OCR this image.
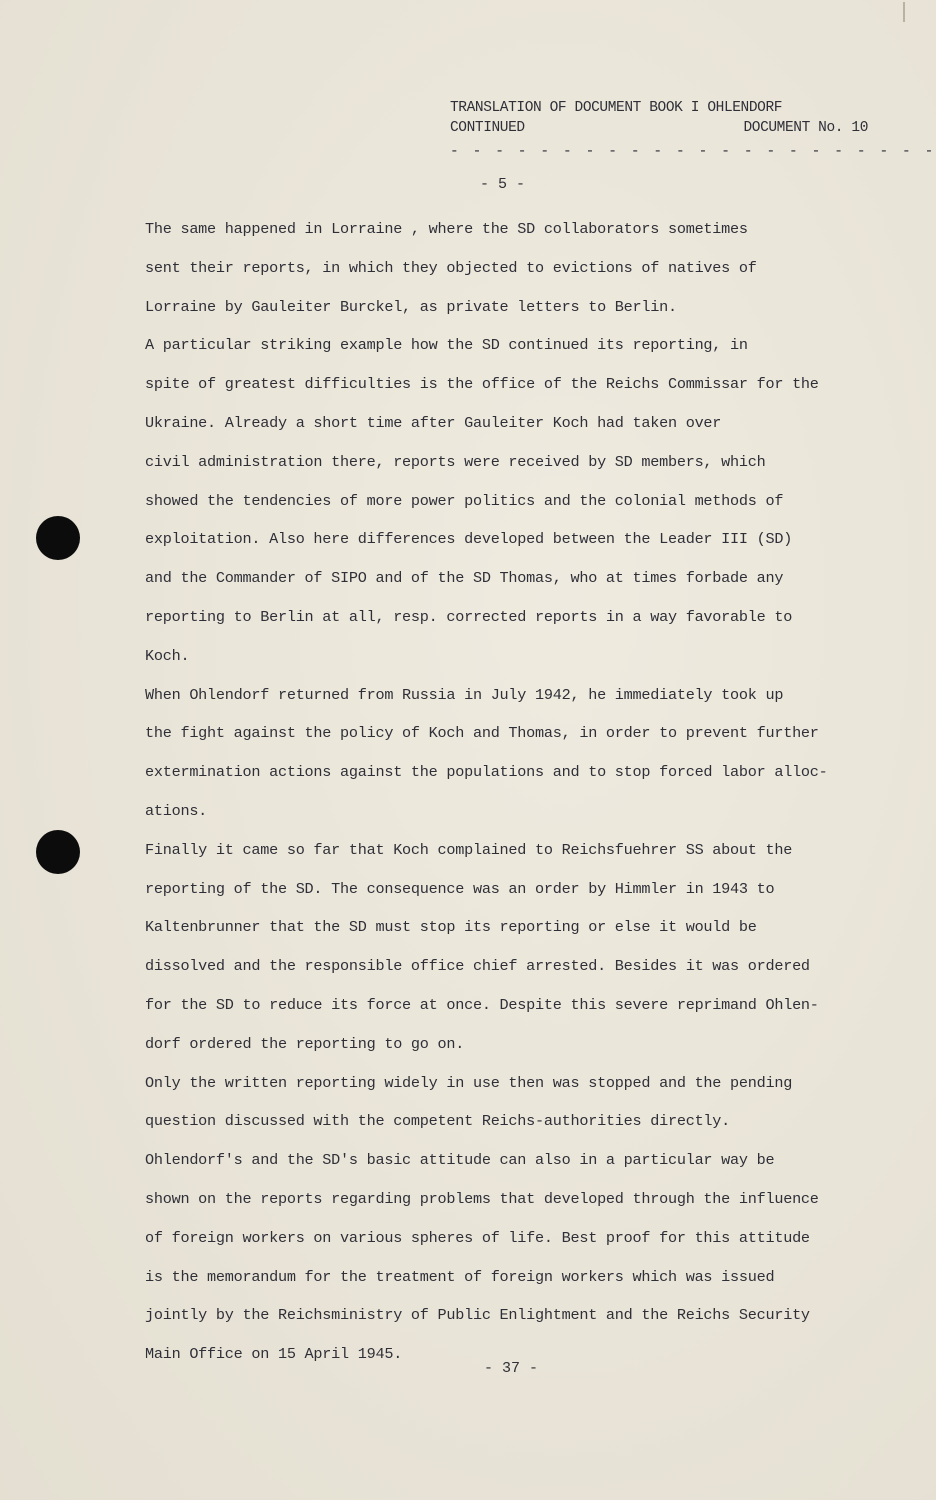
TRANSLATION OF DOCUMENT BOOK I OHLENDORF
CONTINUED	DOCUMENT No. 10
- - - - - - - - - - - - - - - - - - - - - -
- 5 -
The same happened in Lorraine , where the SD collaborators sometimes
sent their reports, in which they objected to evictions of natives of
Lorraine by Gauleiter Burckel, as private letters to Berlin.
A particular striking example how the SD continued its reporting, in
spite of greatest difficulties is the office of the Reichs Commissar for the
Ukraine. Already a short time after Gauleiter Koch had taken over
civil administration there, reports were received by SD members, which
showed the tendencies of more power politics and the colonial methods of
exploitation. Also here differences developed between the Leader III (SD)
and the Commander of SIPO and of the SD Thomas, who at times forbade any
reporting to Berlin at all, resp. corrected reports in a way favorable to
Koch.
When Ohlendorf returned from Russia in July 1942, he immediately took up
the fight against the policy of Koch and Thomas, in order to prevent further
extermination actions against the populations and to stop forced labor alloc-
ations.
Finally it came so far that Koch complained to Reichsfuehrer SS about the
reporting of the SD. The consequence was an order by Himmler in 1943 to
Kaltenbrunner that the SD must stop its reporting or else it would be
dissolved and the responsible office chief arrested. Besides it was ordered
for the SD to reduce its force at once. Despite this severe reprimand Ohlen-
dorf ordered the reporting to go on.
Only the written reporting widely in use then was stopped and the pending
question discussed with the competent Reichs-authorities directly.
Ohlendorf's and the SD's basic attitude can also in a particular way be
shown on the reports regarding problems that developed through the influence
of foreign workers on various spheres of life. Best proof for this attitude
is the memorandum for the treatment of foreign workers which was issued
jointly by the Reichsministry of Public Enlightment and the Reichs Security
Main Office on 15 April 1945.
- 37 -
